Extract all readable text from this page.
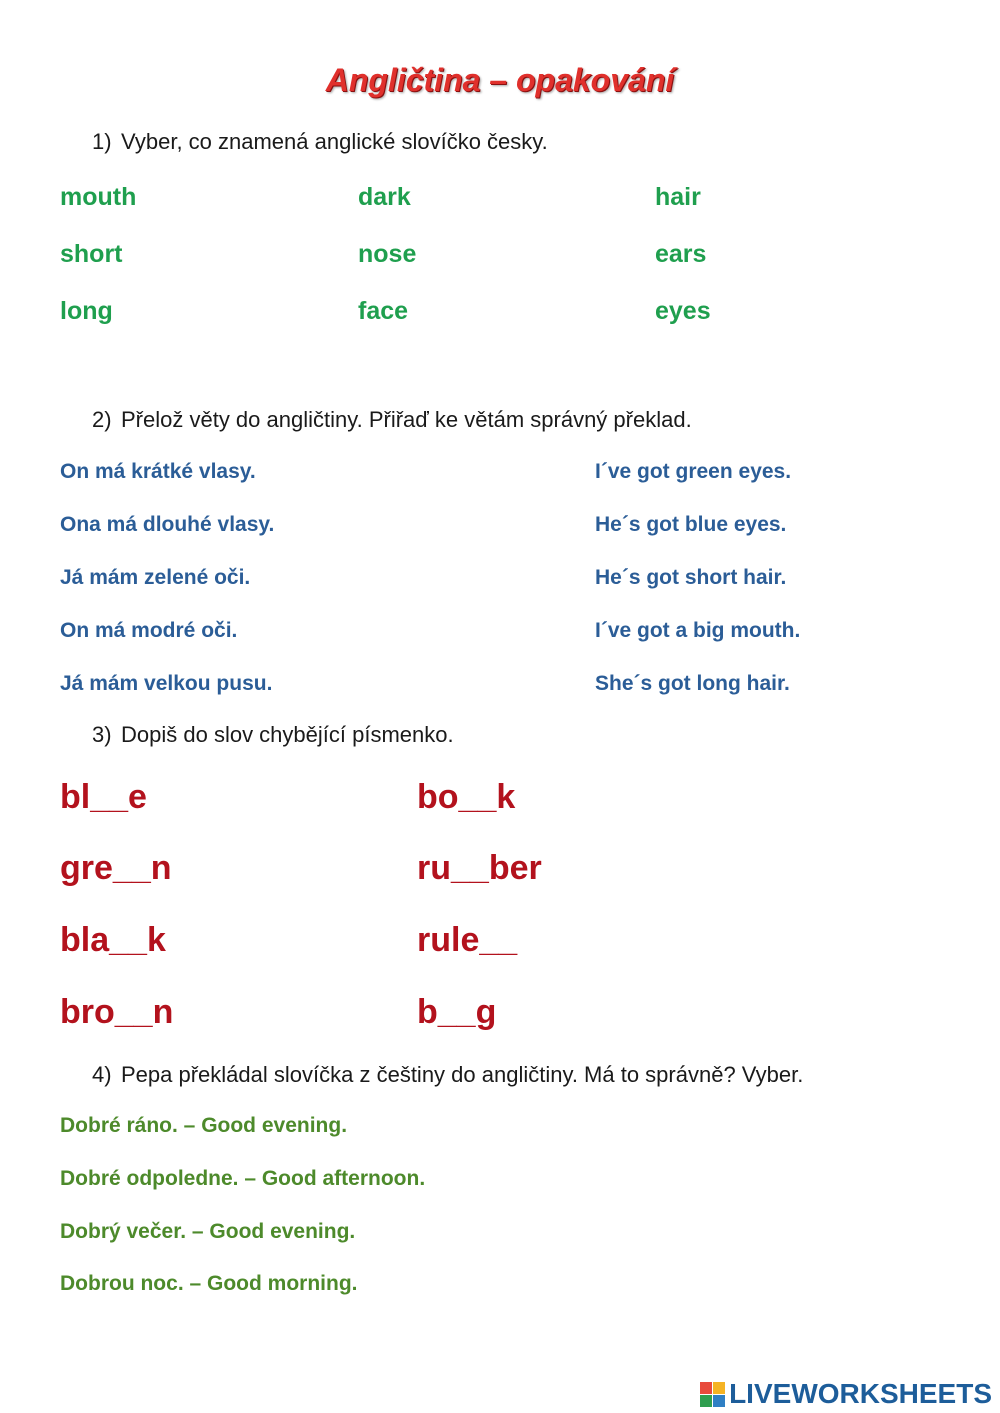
Angličtina – opakování
1) Vyber, co znamená anglické slovíčko česky.
mouth	dark	hair
short	nose	ears
long	face	eyes
2) Přelož věty do angličtiny. Přiřaď ke větám správný překlad.
On má krátké vlasy.
Ona má dlouhé vlasy.
Já mám zelené oči.
On má modré oči.
Já mám velkou pusu.
I´ve got green eyes.
He´s got blue eyes.
He´s got short hair.
I´ve got a big mouth.
She´s got long hair.
3) Dopiš do slov chybějící písmenko.
bl__e
gre__n
bla__k
bro__n
bo__k
ru__ber
rule__
b__g
4) Pepa překládal slovíčka z češtiny do angličtiny. Má to správně? Vyber.
Dobré ráno. – Good evening.
Dobré odpoledne. – Good afternoon.
Dobrý večer. – Good evening.
Dobrou noc. – Good morning.
LIVEWORKSHEETS
